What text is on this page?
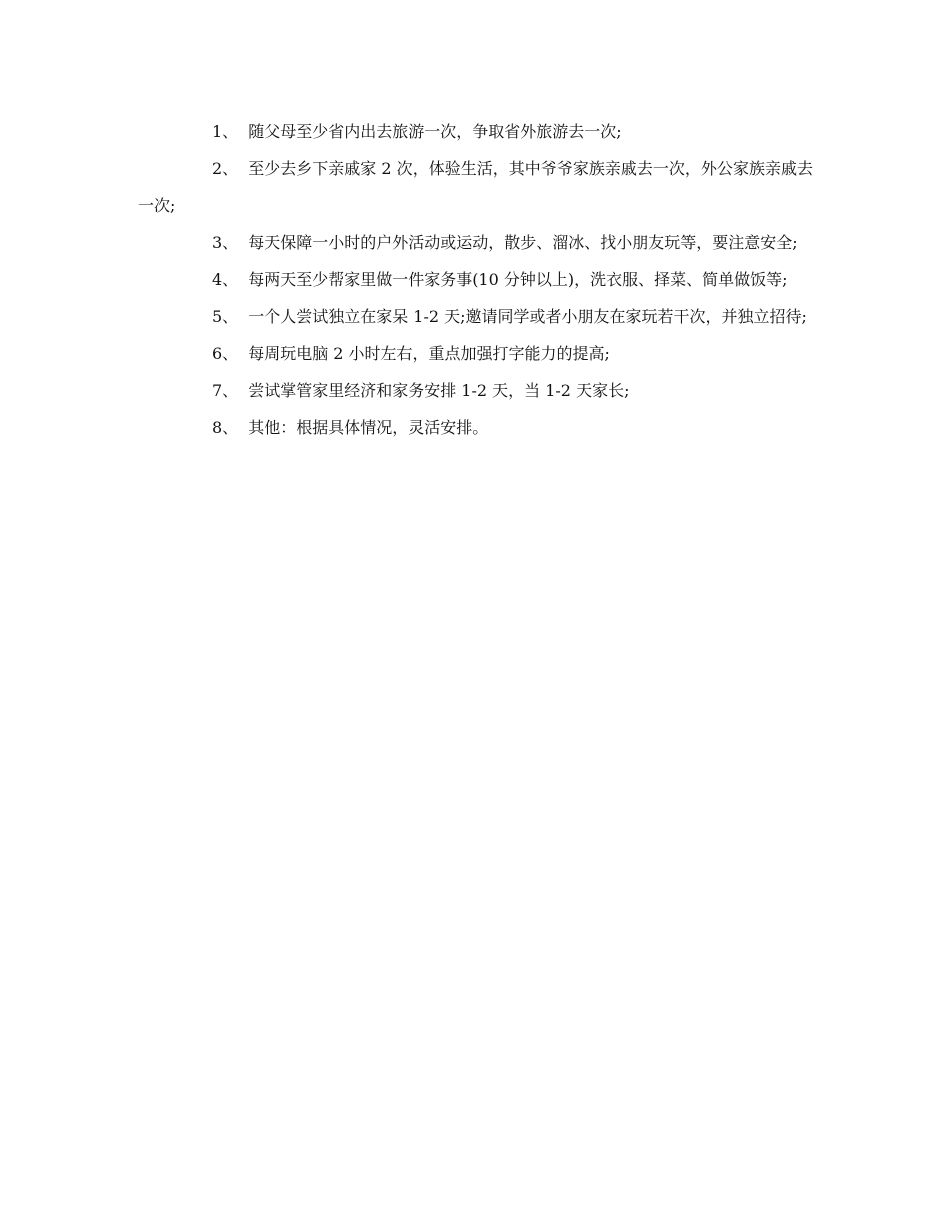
1、 随父母至少省内出去旅游一次，争取省外旅游去一次;

2、 至少去乡下亲戚家 2 次，体验生活，其中爷爷家族亲戚去一次，外公家族亲戚去一次;

3、 每天保障一小时的户外活动或运动，散步、溜冰、找小朋友玩等，要注意安全;

4、 每两天至少帮家里做一件家务事(10 分钟以上)，洗衣服、择菜、简单做饭等;

5、 一个人尝试独立在家呆 1-2 天;邀请同学或者小朋友在家玩若干次，并独立招待;

6、 每周玩电脑 2 小时左右，重点加强打字能力的提高;

7、 尝试掌管家里经济和家务安排 1-2 天，当 1-2 天家长;

8、 其他：根据具体情况，灵活安排。
